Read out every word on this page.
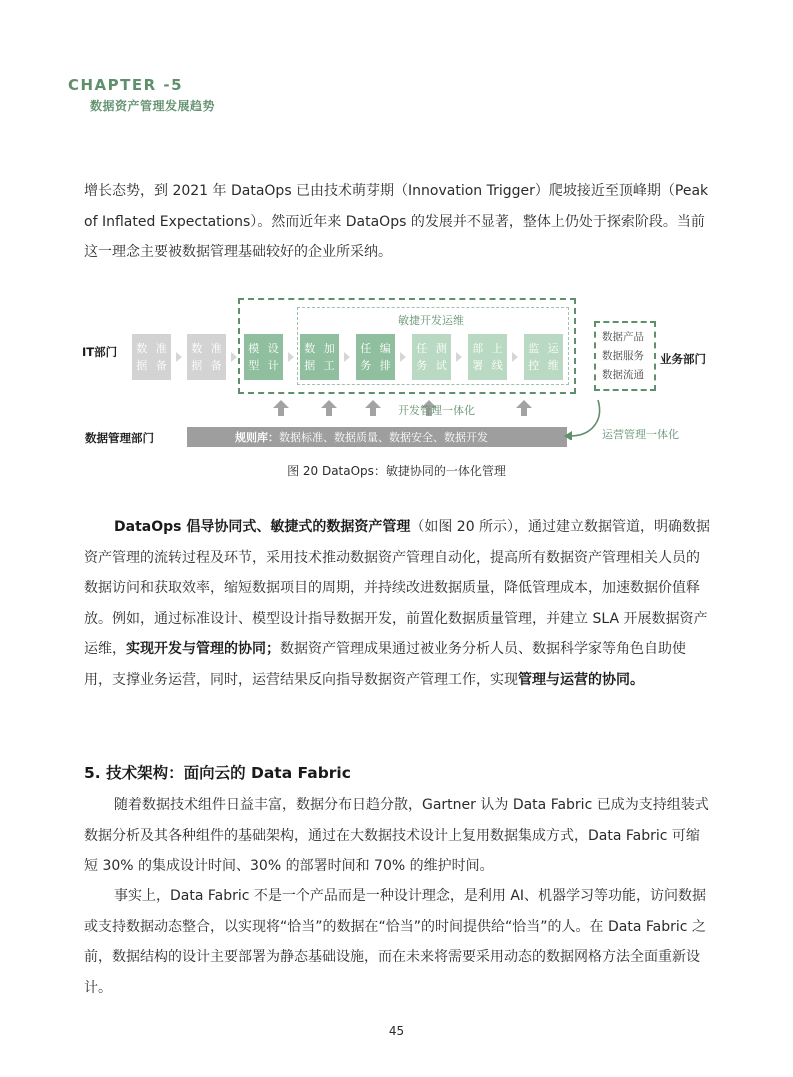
CHAPTER -5
数据资产管理发展趋势

增长态势，到 2021 年 DataOps 已由技术萌芽期（Innovation Trigger）爬坡接近至顶峰期（Peak of Inflated Expectations）。然而近年来 DataOps 的发展并不显著，整体上仍处于探索阶段。当前这一理念主要被数据管理基础较好的企业所采纳。

IT部门
数据管理部门
业务部门
敏捷开发运维
数据

准备
数据

准备
模型

设计
数据

加工
任务

编排
任务

测试
部署

上线
监控

运维
数据产品
数据服务
数据流通
开发管理一体化
规则库： 数据标准、数据质量、数据安全、数据开发	运营管理一体化
图 20 DataOps：敏捷协同的一体化管理

DataOps 倡导协同式、敏捷式的数据资产管理（如图 20 所示），通过建立数据管道，明确数据资产管理的流转过程及环节，采用技术推动数据资产管理自动化，提高所有数据资产管理相关人员的数据访问和获取效率，缩短数据项目的周期，并持续改进数据质量，降低管理成本，加速数据价值释放。例如，通过标准设计、模型设计指导数据开发，前置化数据质量管理，并建立 SLA 开展数据资产运维，实现开发与管理的协同；数据资产管理成果通过被业务分析人员、数据科学家等角色自助使用，支撑业务运营，同时，运营结果反向指导数据资产管理工作，实现管理与运营的协同。

5. 技术架构：面向云的 Data Fabric

随着数据技术组件日益丰富，数据分布日趋分散，Gartner 认为 Data Fabric 已成为支持组装式数据分析及其各种组件的基础架构，通过在大数据技术设计上复用数据集成方式，Data Fabric 可缩短 30% 的集成设计时间、30% 的部署时间和 70% 的维护时间。

事实上，Data Fabric 不是一个产品而是一种设计理念，是利用 AI、机器学习等功能，访问数据或支持数据动态整合，以实现将“恰当”的数据在“恰当”的时间提供给“恰当”的人。在 Data Fabric 之前，数据结构的设计主要部署为静态基础设施，而在未来将需要采用动态的数据网格方法全面重新设计。

45
